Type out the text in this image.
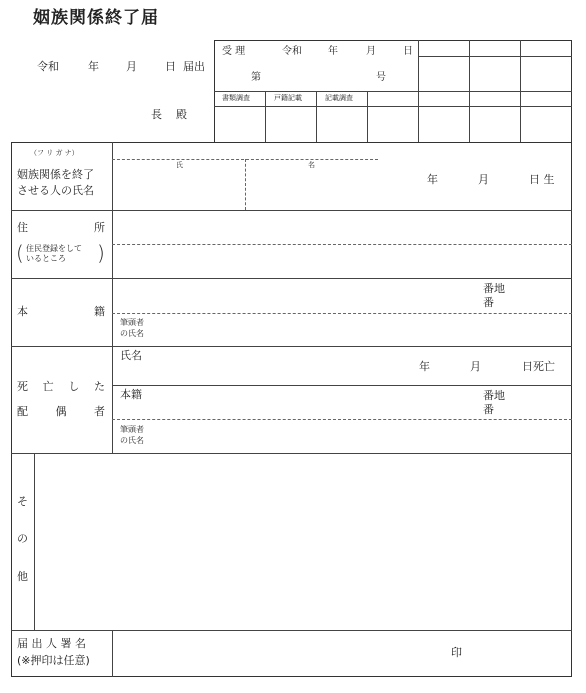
姻族関係終了届
令和	年 月	日 届出
長 殿
受 理	令和	年	月	日
第	号
書類調査	戸籍記載	記載調査
（フ リ ガ ナ）
姻族関係を終了
させる人の氏名
氏	名
年	月	日 生
住	所
( 住民登録をして
いるところ )
本	籍
番地
番
筆頭者
の氏名
死 亡 し た
配	偶	者
氏名
年	月	日死亡
本籍	番地
番
筆頭者
の氏名
そ
の
他
届 出 人 署 名
(※押印は任意)
印
